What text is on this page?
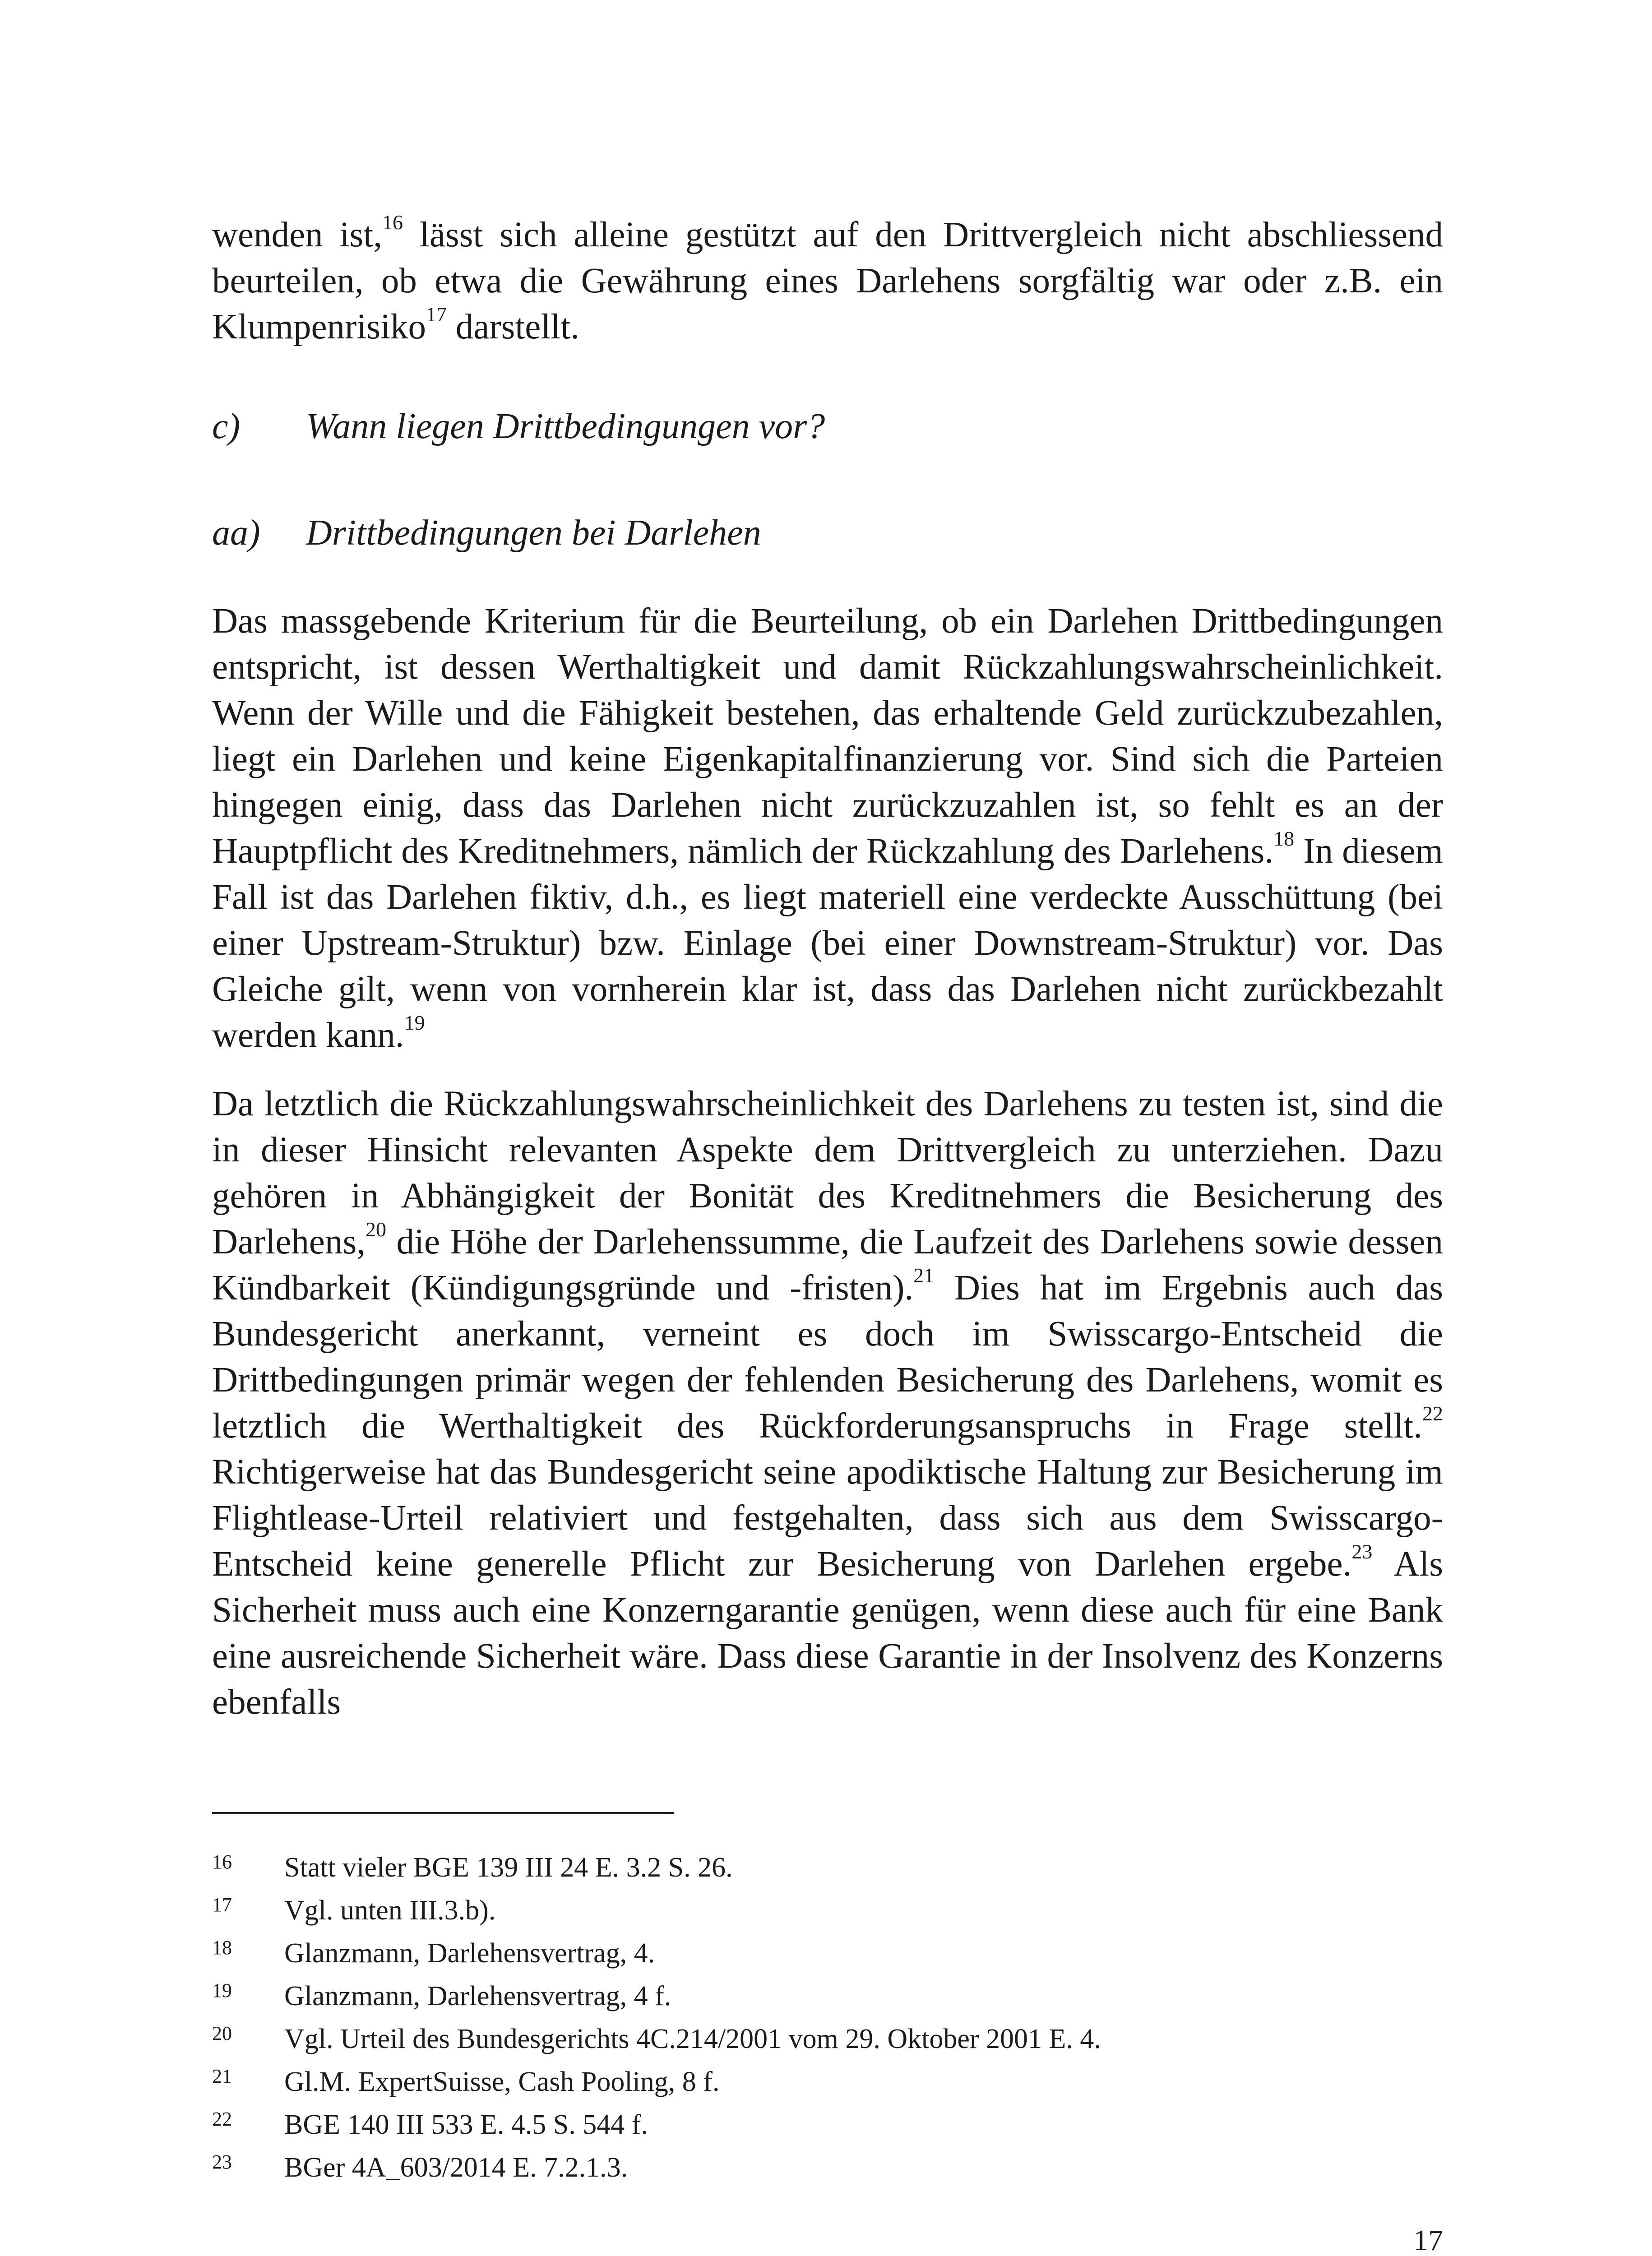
wenden ist,$^{16}$ lässt sich alleine gestützt auf den Drittvergleich nicht abschliessend beurteilen, ob etwa die Gewährung eines Darlehens sorgfältig war oder z.B. ein Klumpenrisiko$^{17}$ darstellt.

c) Wann liegen Drittbedingungen vor?
aa) Drittbedingungen bei Darlehen

Das massgebende Kriterium für die Beurteilung, ob ein Darlehen Drittbedingungen entspricht, ist dessen Werthaltigkeit und damit Rückzahlungswahrscheinlichkeit. Wenn der Wille und die Fähigkeit bestehen, das erhaltende Geld zurückzubezahlen, liegt ein Darlehen und keine Eigenkapitalfinanzierung vor. Sind sich die Parteien hingegen einig, dass das Darlehen nicht zurückzuzahlen ist, so fehlt es an der Hauptpflicht des Kreditnehmers, nämlich der Rückzahlung des Darlehens.$^{18}$ In diesem Fall ist das Darlehen fiktiv, d.h., es liegt materiell eine verdeckte Ausschüttung (bei einer Upstream-Struktur) bzw. Einlage (bei einer Downstream-Struktur) vor. Das Gleiche gilt, wenn von vornherein klar ist, dass das Darlehen nicht zurückbezahlt werden kann.$^{19}$

Da letztlich die Rückzahlungswahrscheinlichkeit des Darlehens zu testen ist, sind die in dieser Hinsicht relevanten Aspekte dem Drittvergleich zu unterziehen. Dazu gehören in Abhängigkeit der Bonität des Kreditnehmers die Besicherung des Darlehens,$^{20}$ die Höhe der Darlehenssumme, die Laufzeit des Darlehens sowie dessen Kündbarkeit (Kündigungsgründe und -fristen).$^{21}$ Dies hat im Ergebnis auch das Bundesgericht anerkannt, verneint es doch im Swisscargo-Entscheid die Drittbedingungen primär wegen der fehlenden Besicherung des Darlehens, womit es letztlich die Werthaltigkeit des Rückforderungsanspruchs in Frage stellt.$^{22}$ Richtigerweise hat das Bundesgericht seine apodiktische Haltung zur Besicherung im Flightlease-Urteil relativiert und festgehalten, dass sich aus dem Swisscargo-Entscheid keine generelle Pflicht zur Besicherung von Darlehen ergebe.$^{23}$ Als Sicherheit muss auch eine Konzerngarantie genügen, wenn diese auch für eine Bank eine ausreichende Sicherheit wäre. Dass diese Garantie in der Insolvenz des Konzerns ebenfalls

16 Statt vieler BGE 139 III 24 E. 3.2 S. 26.
17 Vgl. unten III.3.b).
18 Glanzmann, Darlehensvertrag, 4.
19 Glanzmann, Darlehensvertrag, 4 f.
20 Vgl. Urteil des Bundesgerichts 4C.214/2001 vom 29. Oktober 2001 E. 4.
21 Gl.M. ExpertSuisse, Cash Pooling, 8 f.
22 BGE 140 III 533 E. 4.5 S. 544 f.
23 BGer 4A_603/2014 E. 7.2.1.3.
17
